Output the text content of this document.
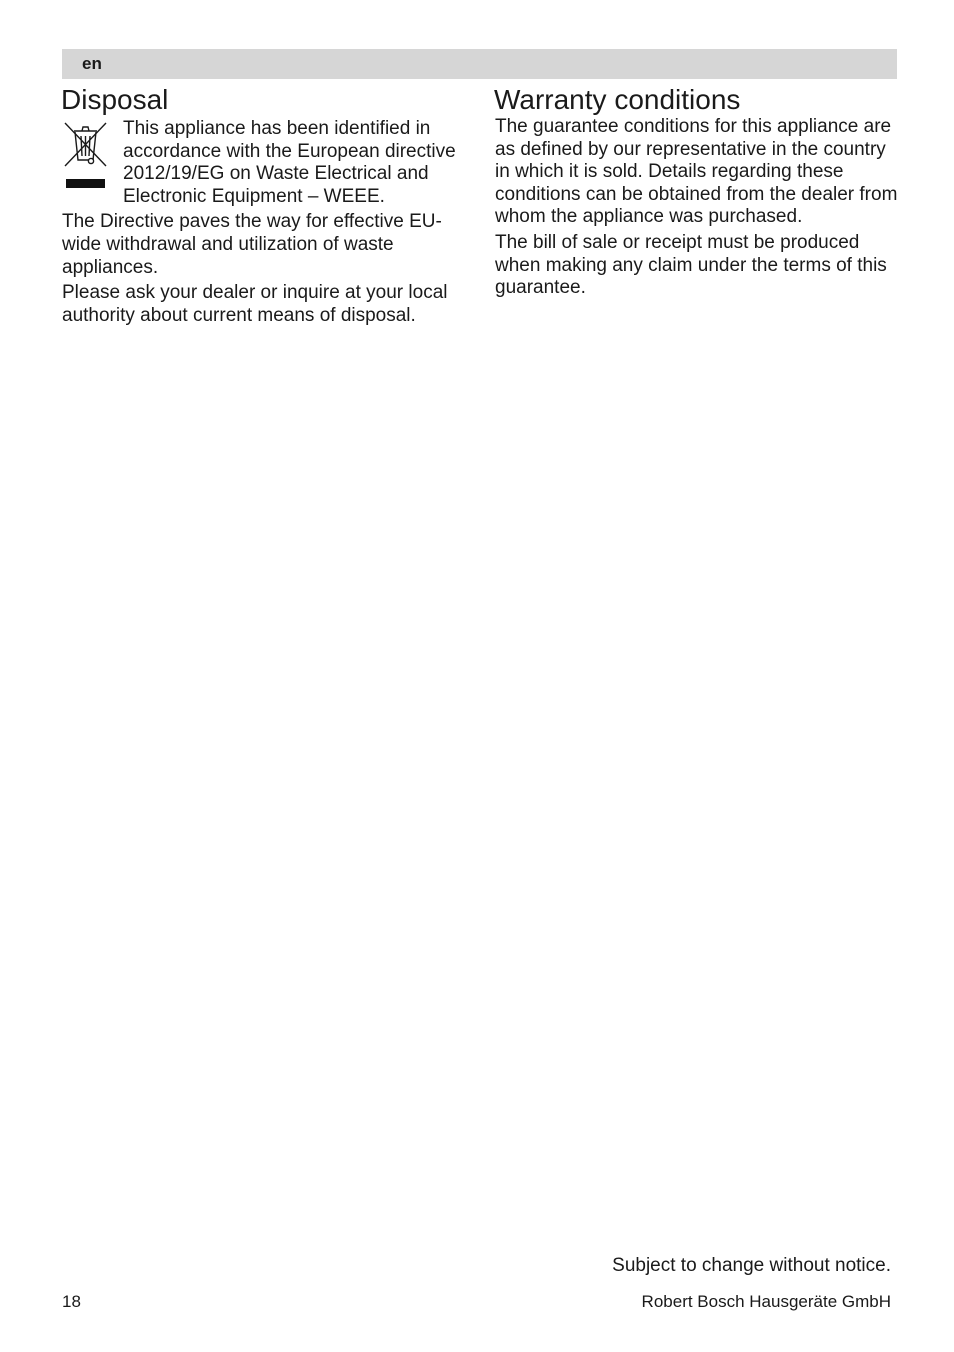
en
Disposal	Warranty conditions

This appliance has been identified in accordance with the European directive 2012/19/EG on Waste Electrical and Electronic Equipment – WEEE.

The Directive paves the way for effective EU-wide withdrawal and utilization of waste appliances.

Please ask your dealer or inquire at your local authority about current means of disposal.

The guarantee conditions for this appliance are as defined by our representative in the country in which it is sold. Details regarding these conditions can be obtained from the dealer from whom the appliance was purchased.

The bill of sale or receipt must be produced when making any claim under the terms of this guarantee.

Subject to change without notice.
18	Robert Bosch Hausgeräte GmbH
